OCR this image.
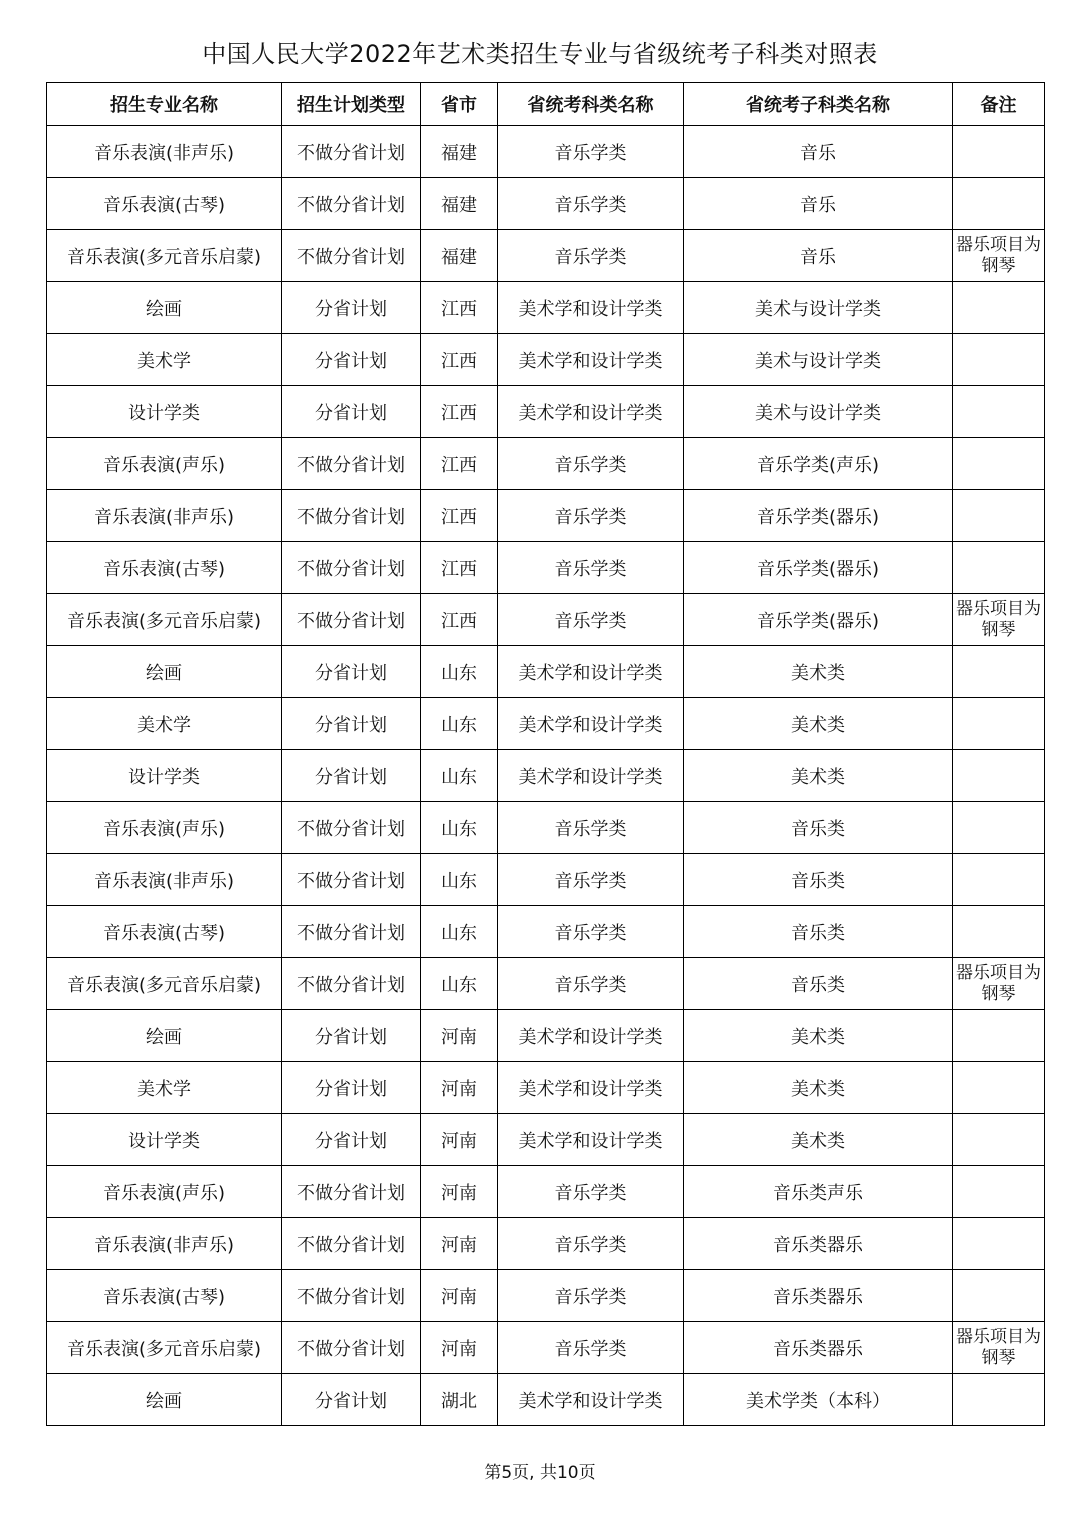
中国人民大学2022年艺术类招生专业与省级统考子科类对照表
招生专业名称	招生计划类型	省市	省统考科类名称	省统考子科类名称	备注
音乐表演(非声乐)	不做分省计划	福建	音乐学类	音乐	
音乐表演(古琴)	不做分省计划	福建	音乐学类	音乐	
音乐表演(多元音乐启蒙)	不做分省计划	福建	音乐学类	音乐	器乐项目为钢琴
绘画	分省计划	江西	美术学和设计学类	美术与设计学类	
美术学	分省计划	江西	美术学和设计学类	美术与设计学类	
设计学类	分省计划	江西	美术学和设计学类	美术与设计学类	
音乐表演(声乐)	不做分省计划	江西	音乐学类	音乐学类(声乐)	
音乐表演(非声乐)	不做分省计划	江西	音乐学类	音乐学类(器乐)	
音乐表演(古琴)	不做分省计划	江西	音乐学类	音乐学类(器乐)	
音乐表演(多元音乐启蒙)	不做分省计划	江西	音乐学类	音乐学类(器乐)	器乐项目为钢琴
绘画	分省计划	山东	美术学和设计学类	美术类	
美术学	分省计划	山东	美术学和设计学类	美术类	
设计学类	分省计划	山东	美术学和设计学类	美术类	
音乐表演(声乐)	不做分省计划	山东	音乐学类	音乐类	
音乐表演(非声乐)	不做分省计划	山东	音乐学类	音乐类	
音乐表演(古琴)	不做分省计划	山东	音乐学类	音乐类	
音乐表演(多元音乐启蒙)	不做分省计划	山东	音乐学类	音乐类	器乐项目为钢琴
绘画	分省计划	河南	美术学和设计学类	美术类	
美术学	分省计划	河南	美术学和设计学类	美术类	
设计学类	分省计划	河南	美术学和设计学类	美术类	
音乐表演(声乐)	不做分省计划	河南	音乐学类	音乐类声乐	
音乐表演(非声乐)	不做分省计划	河南	音乐学类	音乐类器乐	
音乐表演(古琴)	不做分省计划	河南	音乐学类	音乐类器乐	
音乐表演(多元音乐启蒙)	不做分省计划	河南	音乐学类	音乐类器乐	器乐项目为钢琴
绘画	分省计划	湖北	美术学和设计学类	美术学类（本科）	
第5页, 共10页
